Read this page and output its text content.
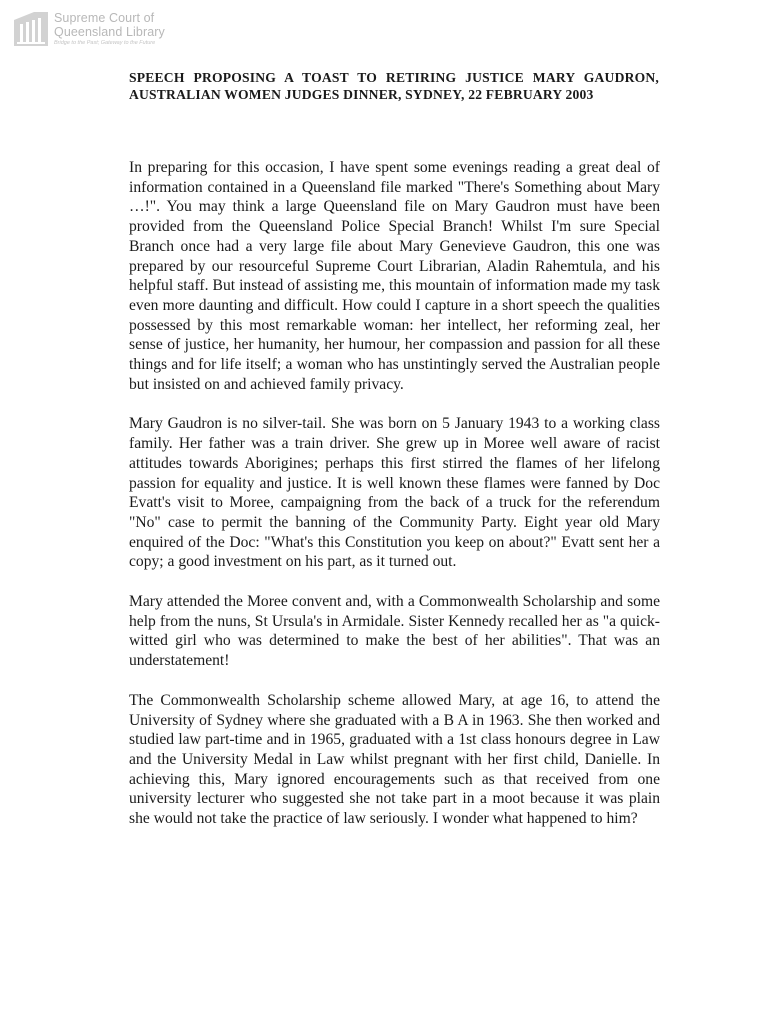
Supreme Court of
Queensland Library
Bridge to the Past; Gateway to the Future
SPEECH PROPOSING A TOAST TO RETIRING JUSTICE MARY GAUDRON, AUSTRALIAN WOMEN JUDGES DINNER, SYDNEY, 22 FEBRUARY 2003

In preparing for this occasion, I have spent some evenings reading a great deal of information contained in a Queensland file marked "There's Something about Mary …!". You may think a large Queensland file on Mary Gaudron must have been provided from the Queensland Police Special Branch! Whilst I'm sure Special Branch once had a very large file about Mary Genevieve Gaudron, this one was prepared by our resourceful Supreme Court Librarian, Aladin Rahemtula, and his helpful staff. But instead of assisting me, this mountain of information made my task even more daunting and difficult. How could I capture in a short speech the qualities possessed by this most remarkable woman: her intellect, her reforming zeal, her sense of justice, her humanity, her humour, her compassion and passion for all these things and for life itself; a woman who has unstintingly served the Australian people but insisted on and achieved family privacy.

Mary Gaudron is no silver-tail. She was born on 5 January 1943 to a working class family. Her father was a train driver. She grew up in Moree well aware of racist attitudes towards Aborigines; perhaps this first stirred the flames of her lifelong passion for equality and justice. It is well known these flames were fanned by Doc Evatt's visit to Moree, campaigning from the back of a truck for the referendum "No" case to permit the banning of the Community Party. Eight year old Mary enquired of the Doc: "What's this Constitution you keep on about?" Evatt sent her a copy; a good investment on his part, as it turned out.

Mary attended the Moree convent and, with a Commonwealth Scholarship and some help from the nuns, St Ursula's in Armidale. Sister Kennedy recalled her as "a quick-witted girl who was determined to make the best of her abilities". That was an understatement!

The Commonwealth Scholarship scheme allowed Mary, at age 16, to attend the University of Sydney where she graduated with a B A in 1963. She then worked and studied law part-time and in 1965, graduated with a 1st class honours degree in Law and the University Medal in Law whilst pregnant with her first child, Danielle. In achieving this, Mary ignored encouragements such as that received from one university lecturer who suggested she not take part in a moot because it was plain she would not take the practice of law seriously. I wonder what happened to him?
